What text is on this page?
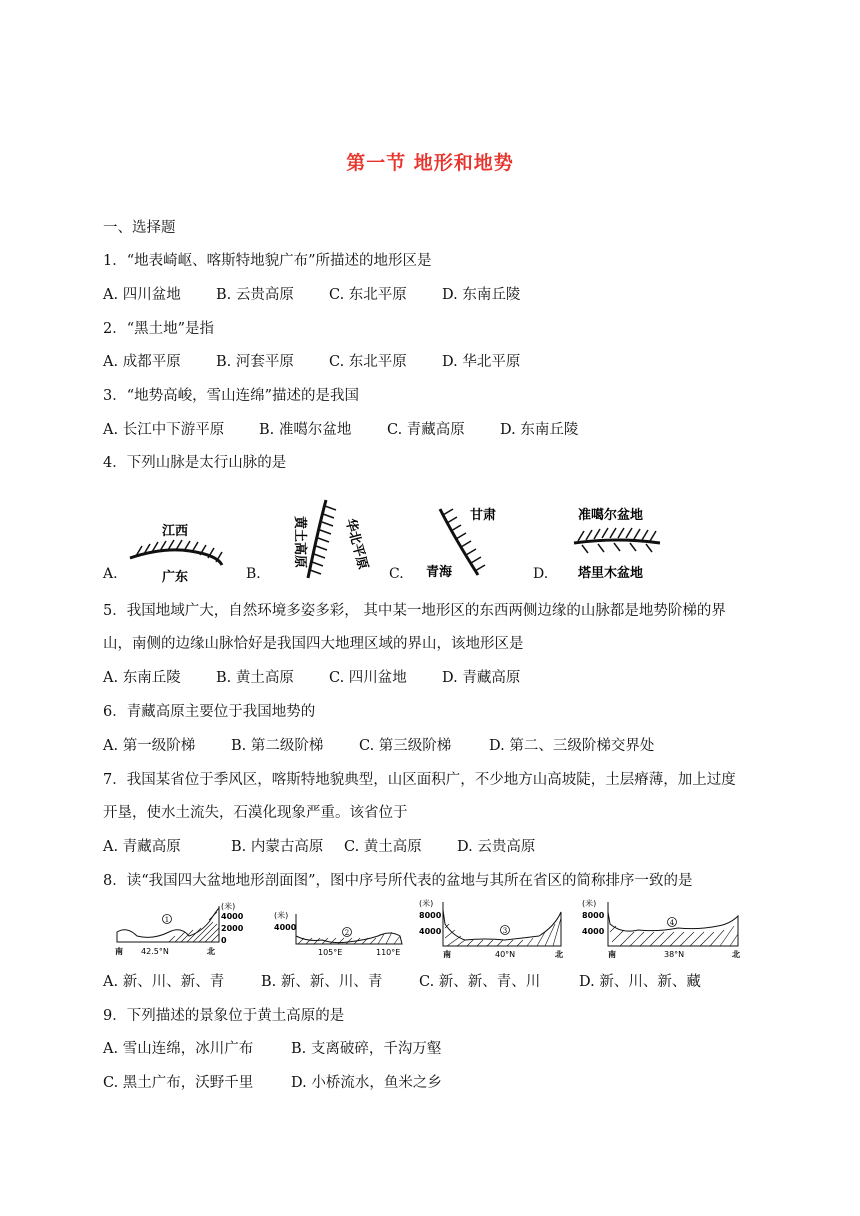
第一节 地形和地势
一、选择题
1．“地表崎岖、喀斯特地貌广布”所描述的地形区是
A. 四川盆地 B. 云贵高原 C. 东北平原 D. 东南丘陵
2．“黑土地”是指
A. 成都平原 B. 河套平原 C. 东北平原 D. 华北平原
3．“地势高峻，雪山连绵”描述的是我国
A. 长江中下游平原 B. 准噶尔盆地 C. 青藏高原 D. 东南丘陵
4．下列山脉是太行山脉的是
A.	B.	C.	D.
江西
广东
黄土高原	华北平原
甘肃
青海
准噶尔盆地
塔里木盆地
5．我国地域广大，自然环境多姿多彩， 其中某一地形区的东西两侧边缘的山脉都是地势阶梯的界
山，南侧的边缘山脉恰好是我国四大地理区域的界山，该地形区是
A. 东南丘陵 B. 黄土高原 C. 四川盆地 D. 青藏高原
6．青藏高原主要位于我国地势的
A. 第一级阶梯 B. 第二级阶梯 C. 第三级阶梯	D. 第二、三级阶梯交界处
7．我国某省位于季风区，喀斯特地貌典型，山区面积广，不少地方山高坡陡，土层瘠薄，加上过度
开垦，使水土流失，石漠化现象严重。该省位于
A. 青藏高原	B. 内蒙古高原 C. 黄土高原 D. 云贵高原
8．读“我国四大盆地地形剖面图”，图中序号所代表的盆地与其所在省区的简称排序一致的是
(米)
4000
2000
0
南 42.5°N	北
1	(米)
4000
105°E	110°E
2
(米)
8000
4000
南	40°N	北
3
(米)
8000
4000
南	38°N	北
4
A. 新、川、新、青	B. 新、新、川、青	C. 新、新、青、川	D. 新、川、新、藏
9．下列描述的景象位于黄土高原的是
A. 雪山连绵，冰川广布	B. 支离破碎，千沟万壑
C. 黑土广布，沃野千里	D. 小桥流水，鱼米之乡
